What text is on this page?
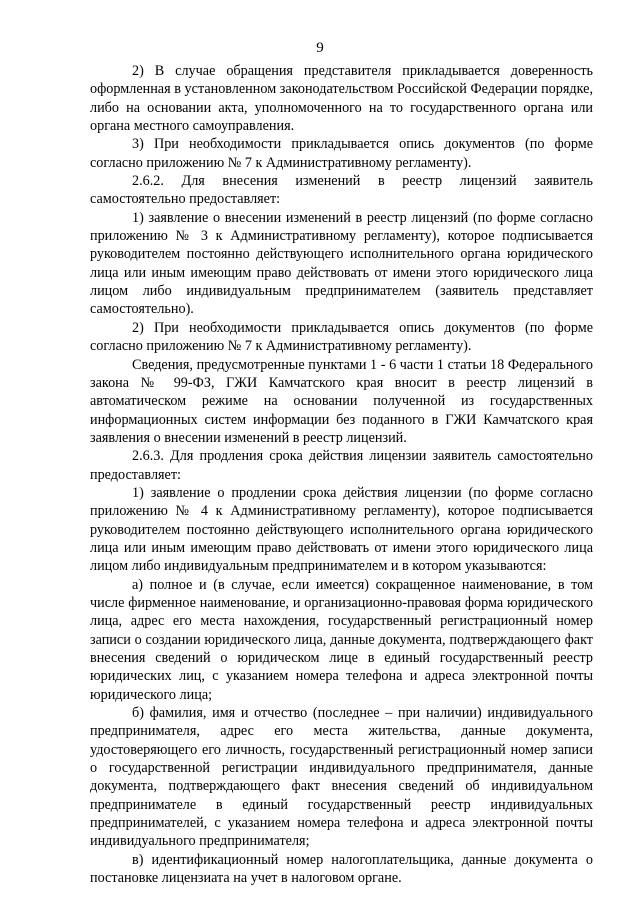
9

2) В случае обращения представителя прикладывается доверенность оформленная в установленном законодательством Российской Федерации порядке, либо на основании акта, уполномоченного на то государственного органа или органа местного самоуправления.

3) При необходимости прикладывается опись документов (по форме согласно приложению № 7 к Административному регламенту).

2.6.2. Для внесения изменений в реестр лицензий заявитель самостоятельно предоставляет:

1) заявление о внесении изменений в реестр лицензий (по форме согласно приложению № 3 к Административному регламенту), которое подписывается руководителем постоянно действующего исполнительного органа юридического лица или иным имеющим право действовать от имени этого юридического лица лицом либо индивидуальным предпринимателем (заявитель представляет самостоятельно).

2) При необходимости прикладывается опись документов (по форме согласно приложению № 7 к Административному регламенту).

Сведения, предусмотренные пунктами 1 - 6 части 1 статьи 18 Федерального закона № 99-ФЗ, ГЖИ Камчатского края вносит в реестр лицензий в автоматическом режиме на основании полученной из государственных информационных систем информации без поданного в ГЖИ Камчатского края заявления о внесении изменений в реестр лицензий.

2.6.3. Для продления срока действия лицензии заявитель самостоятельно предоставляет:

1) заявление о продлении срока действия лицензии (по форме согласно приложению № 4 к Административному регламенту), которое подписывается руководителем постоянно действующего исполнительного органа юридического лица или иным имеющим право действовать от имени этого юридического лица лицом либо индивидуальным предпринимателем и в котором указываются:

а) полное и (в случае, если имеется) сокращенное наименование, в том числе фирменное наименование, и организационно-правовая форма юридического лица, адрес его места нахождения, государственный регистрационный номер записи о создании юридического лица, данные документа, подтверждающего факт внесения сведений о юридическом лице в единый государственный реестр юридических лиц, с указанием номера телефона и адреса электронной почты юридического лица;

б) фамилия, имя и отчество (последнее – при наличии) индивидуального предпринимателя, адрес его места жительства, данные документа, удостоверяющего его личность, государственный регистрационный номер записи о государственной регистрации индивидуального предпринимателя, данные документа, подтверждающего факт внесения сведений об индивидуальном предпринимателе в единый государственный реестр индивидуальных предпринимателей, с указанием номера телефона и адреса электронной почты индивидуального предпринимателя;

в) идентификационный номер налогоплательщика, данные документа о постановке лицензиата на учет в налоговом органе.
